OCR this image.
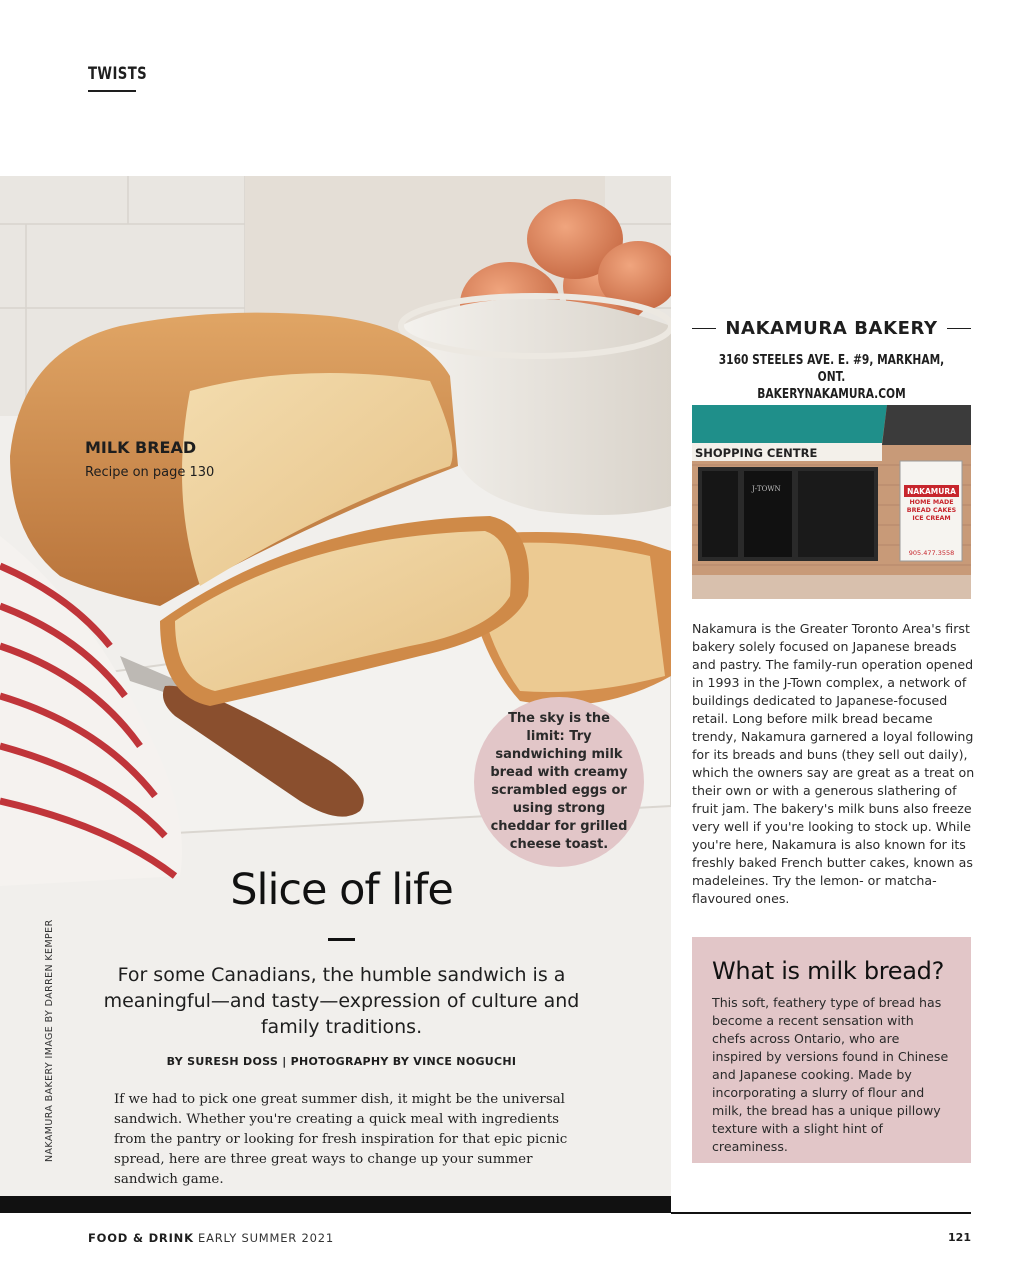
TWISTS
MILK BREAD
Recipe on page 130
The sky is the limit: Try sandwiching milk bread with creamy scrambled eggs or using strong cheddar for grilled cheese toast.
Slice of life
For some Canadians, the humble sandwich is a meaningful—and tasty—expression of culture and family traditions.
BY SURESH DOSS | PHOTOGRAPHY BY VINCE NOGUCHI
If we had to pick one great summer dish, it might be the universal sandwich. Whether you're creating a quick meal with ingredients from the pantry or looking for fresh inspiration for that epic picnic spread, here are three great ways to change up your summer sandwich game.
NAKAMURA BAKERY IMAGE BY DARREN KEMPER
NAKAMURA BAKERY
3160 STEELES AVE. E. #9, MARKHAM, ONT.
BAKERYNAKAMURA.COM
SHOPPING CENTRE
J-TOWN	NAKAMURA
HOME MADE BREAD CAKES ICE CREAM
905.477.3558
Nakamura is the Greater Toronto Area's first bakery solely focused on Japanese breads and pastry. The family-run operation opened in 1993 in the J-Town complex, a network of buildings dedicated to Japanese-focused retail. Long before milk bread became trendy, Nakamura garnered a loyal following for its breads and buns (they sell out daily), which the owners say are great as a treat on their own or with a generous slathering of fruit jam. The bakery's milk buns also freeze very well if you're looking to stock up. While you're here, Nakamura is also known for its freshly baked French butter cakes, known as madeleines. Try the lemon- or matcha-flavoured ones.
What is milk bread?
This soft, feathery type of bread has become a recent sensation with chefs across Ontario, who are inspired by versions found in Chinese and Japanese cooking. Made by incorporating a slurry of flour and milk, the bread has a unique pillowy texture with a slight hint of creaminess.
FOOD & DRINK EARLY SUMMER 2021	121
